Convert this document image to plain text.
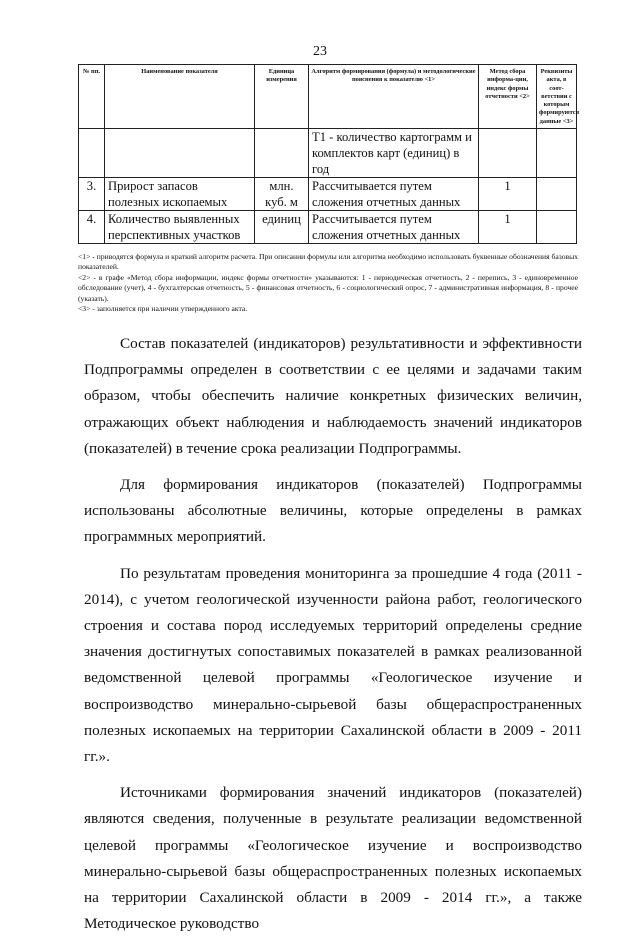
23
№ пп.	Наименование показателя	Единица измерения	Алгоритм формирования (формула) и методологические пояснения к показателю <1>	Метод сбора информа-ции, индекс формы отчетности <2>	Реквизиты акта, в соот-ветствии с которым формируются данные <3>
			Т1 - количество картограмм и комплектов карт (единиц) в год		
3.	Прирост запасов полезных ископаемых	млн. куб. м	Рассчитывается путем сложения отчетных данных	1	
4.	Количество выявленных перспективных участков	единиц	Рассчитывается путем сложения отчетных данных	1	

<1> - приводятся формула и краткий алгоритм расчета. При описании формулы или алгоритма необходимо использовать буквенные обозначения базовых показателей.

<2> - в графе «Метод сбора информации, индекс формы отчетности» указываются: 1 - периодическая отчетность, 2 - перепись, 3 - единовременное обследование (учет), 4 - бухгалтерская отчетность, 5 - финансовая отчетность, 6 - социологический опрос, 7 - административная информация, 8 - прочее (указать).

<3> - заполняется при наличии утвержденного акта.

Состав показателей (индикаторов) результативности и эффективности Подпрограммы определен в соответствии с ее целями и задачами таким образом, чтобы обеспечить наличие конкретных физических величин, отражающих объект наблюдения и наблюдаемость значений индикаторов (показателей) в течение срока реализации Подпрограммы.

Для формирования индикаторов (показателей) Подпрограммы использованы абсолютные величины, которые определены в рамках программных мероприятий.

По результатам проведения мониторинга за прошедшие 4 года (2011 - 2014), с учетом геологической изученности района работ, геологического строения и состава пород исследуемых территорий определены средние значения достигнутых сопоставимых показателей в рамках реализованной ведомственной целевой программы «Геологическое изучение и воспроизводство минерально-сырьевой базы общераспространенных полезных ископаемых на территории Сахалинской области в 2009 - 2011 гг.».

Источниками формирования значений индикаторов (показателей) являются сведения, полученные в результате реализации ведомственной целевой программы «Геологическое изучение и воспроизводство минерально-сырьевой базы общераспространенных полезных ископаемых на территории Сахалинской области в 2009 - 2014 гг.», а также Методическое руководство
